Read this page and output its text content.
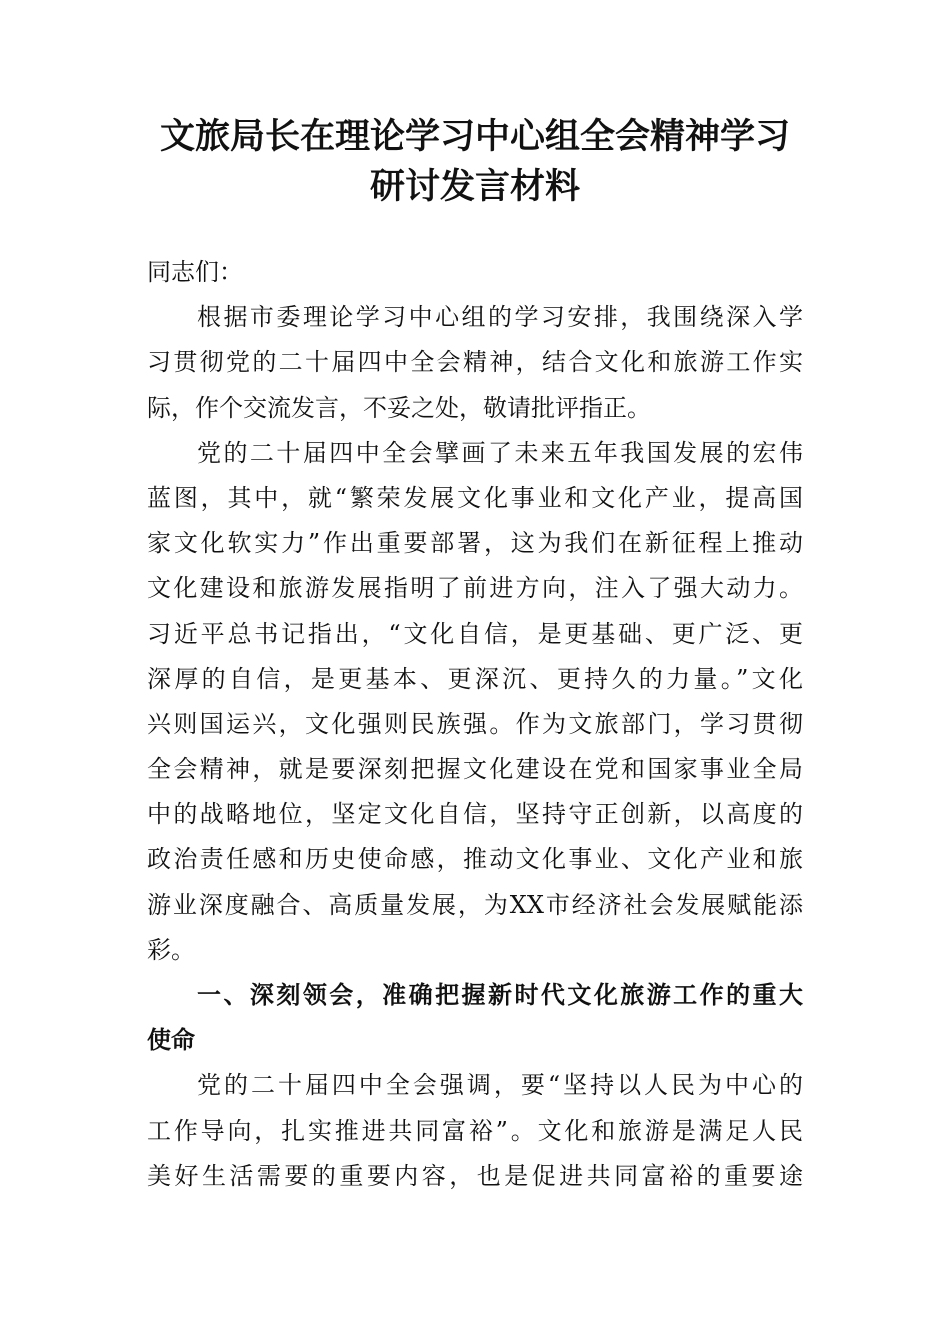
文旅局长在理论学习中心组全会精神学习
研讨发言材料
同志们：
根据市委理论学习中心组的学习安排，我围绕深入学
习贯彻党的二十届四中全会精神，结合文化和旅游工作实
际，作个交流发言，不妥之处，敬请批评指正。
党的二十届四中全会擘画了未来五年我国发展的宏伟
蓝图，其中，就“繁荣发展文化事业和文化产业，提高国
家文化软实力”作出重要部署，这为我们在新征程上推动
文化建设和旅游发展指明了前进方向，注入了强大动力。
习近平总书记指出，“文化自信，是更基础、更广泛、更
深厚的自信，是更基本、更深沉、更持久的力量。”文化
兴则国运兴，文化强则民族强。作为文旅部门，学习贯彻
全会精神，就是要深刻把握文化建设在党和国家事业全局
中的战略地位，坚定文化自信，坚持守正创新，以高度的
政治责任感和历史使命感，推动文化事业、文化产业和旅
游业深度融合、高质量发展，为XX市经济社会发展赋能添
彩。
一、深刻领会，准确把握新时代文化旅游工作的重大
使命
党的二十届四中全会强调，要“坚持以人民为中心的
工作导向，扎实推进共同富裕”。文化和旅游是满足人民
美好生活需要的重要内容，也是促进共同富裕的重要途
